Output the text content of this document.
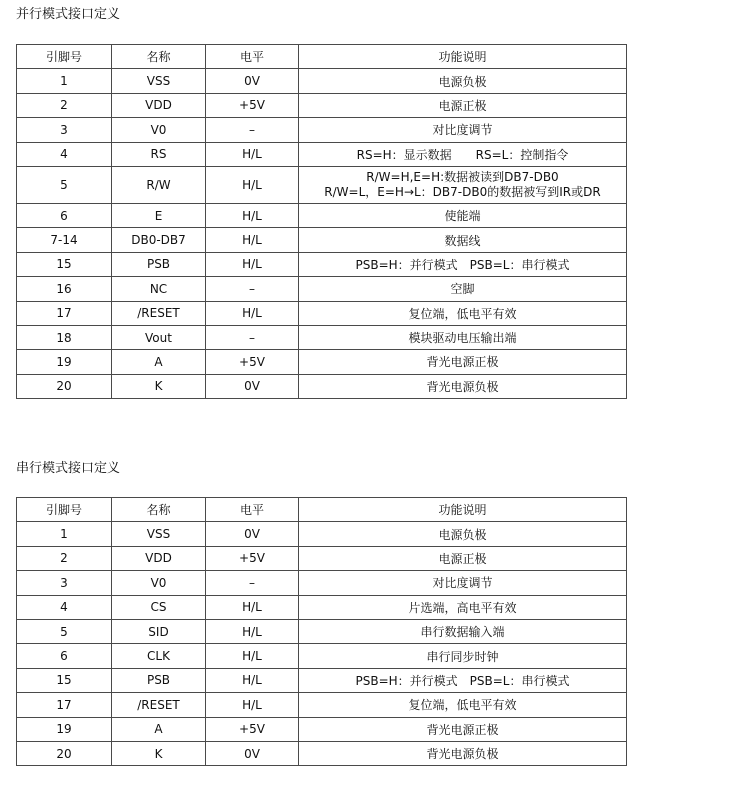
并行模式接口定义
引脚号	名称	电平	功能说明
1	VSS	0V	电源负极
2	VDD	+5V	电源正极
3	V0	–	对比度调节
4	RS	H/L	RS=H：显示数据　　RS=L：控制指令
5	R/W	H/L	R/W=H,E=H:数据被读到DB7-DB0
R/W=L，E=H→L：DB7-DB0的数据被写到IR或DR

6	E	H/L	使能端
7-14	DB0-DB7	H/L	数据线
15	PSB	H/L	PSB=H：并行模式　PSB=L：串行模式
16	NC	–	空脚
17	/RESET	H/L	复位端，低电平有效
18	Vout	–	模块驱动电压输出端
19	A	+5V	背光电源正极
20	K	0V	背光电源负极
串行模式接口定义
引脚号	名称	电平	功能说明
1	VSS	0V	电源负极
2	VDD	+5V	电源正极
3	V0	–	对比度调节
4	CS	H/L	片选端，高电平有效
5	SID	H/L	串行数据输入端
6	CLK	H/L	串行同步时钟
15	PSB	H/L	PSB=H：并行模式　PSB=L：串行模式
17	/RESET	H/L	复位端，低电平有效
19	A	+5V	背光电源正极
20	K	0V	背光电源负极
